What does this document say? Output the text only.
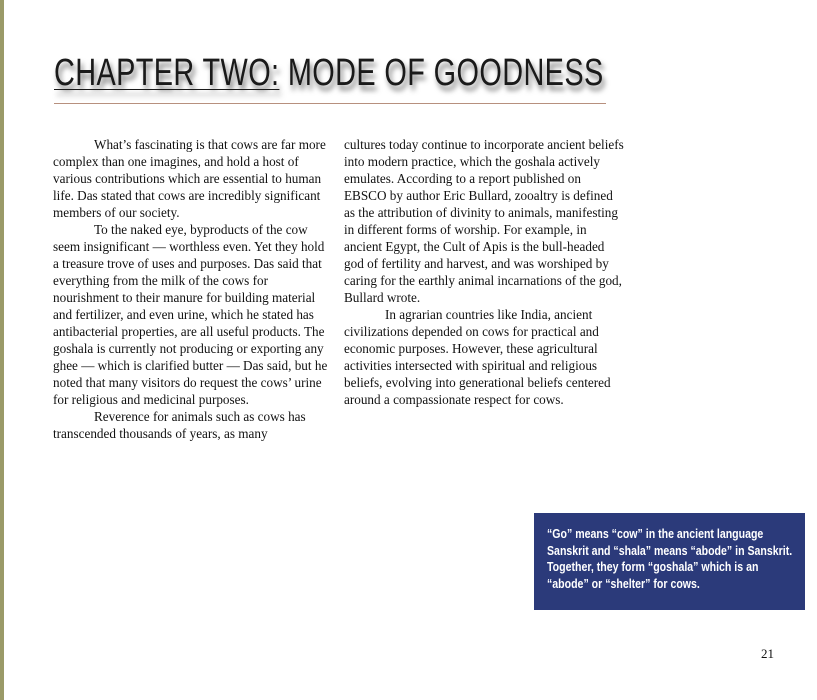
CHAPTER TWO: MODE OF GOODNESS

What’s fascinating is that cows are far more complex than one imagines, and hold a host of various contributions which are essential to human life. Das stated that cows are incredibly significant members of our society.

To the naked eye, byproducts of the cow seem insignificant — worthless even. Yet they hold a treasure trove of uses and purposes. Das said that everything from the milk of the cows for nourishment to their manure for building material and fertilizer, and even urine, which he stated has antibacterial properties, are all useful products. The goshala is currently not producing or exporting any ghee — which is clarified butter — Das said, but he noted that many visitors do request the cows’ urine for religious and medicinal purposes.

Reverence for animals such as cows has transcended thousands of years, as many

cultures today continue to incorporate ancient beliefs into modern practice, which the goshala actively emulates. According to a report published on EBSCO by author Eric Bullard, zooaltry is defined as the attribution of divinity to animals, manifesting in different forms of worship. For example, in ancient Egypt, the Cult of Apis is the bull-headed god of fertility and harvest, and was worshiped by caring for the earthly animal incarnations of the god, Bullard wrote.

In agrarian countries like India, ancient civilizations depended on cows for practical and economic purposes. However, these agricultural activities intersected with spiritual and religious beliefs, evolving into generational beliefs centered around a compassionate respect for cows.

“Go” means “cow” in the ancient language Sanskrit and “shala” means “abode” in Sanskrit. Together, they form “goshala” which is an “abode” or “shelter” for cows.
21
